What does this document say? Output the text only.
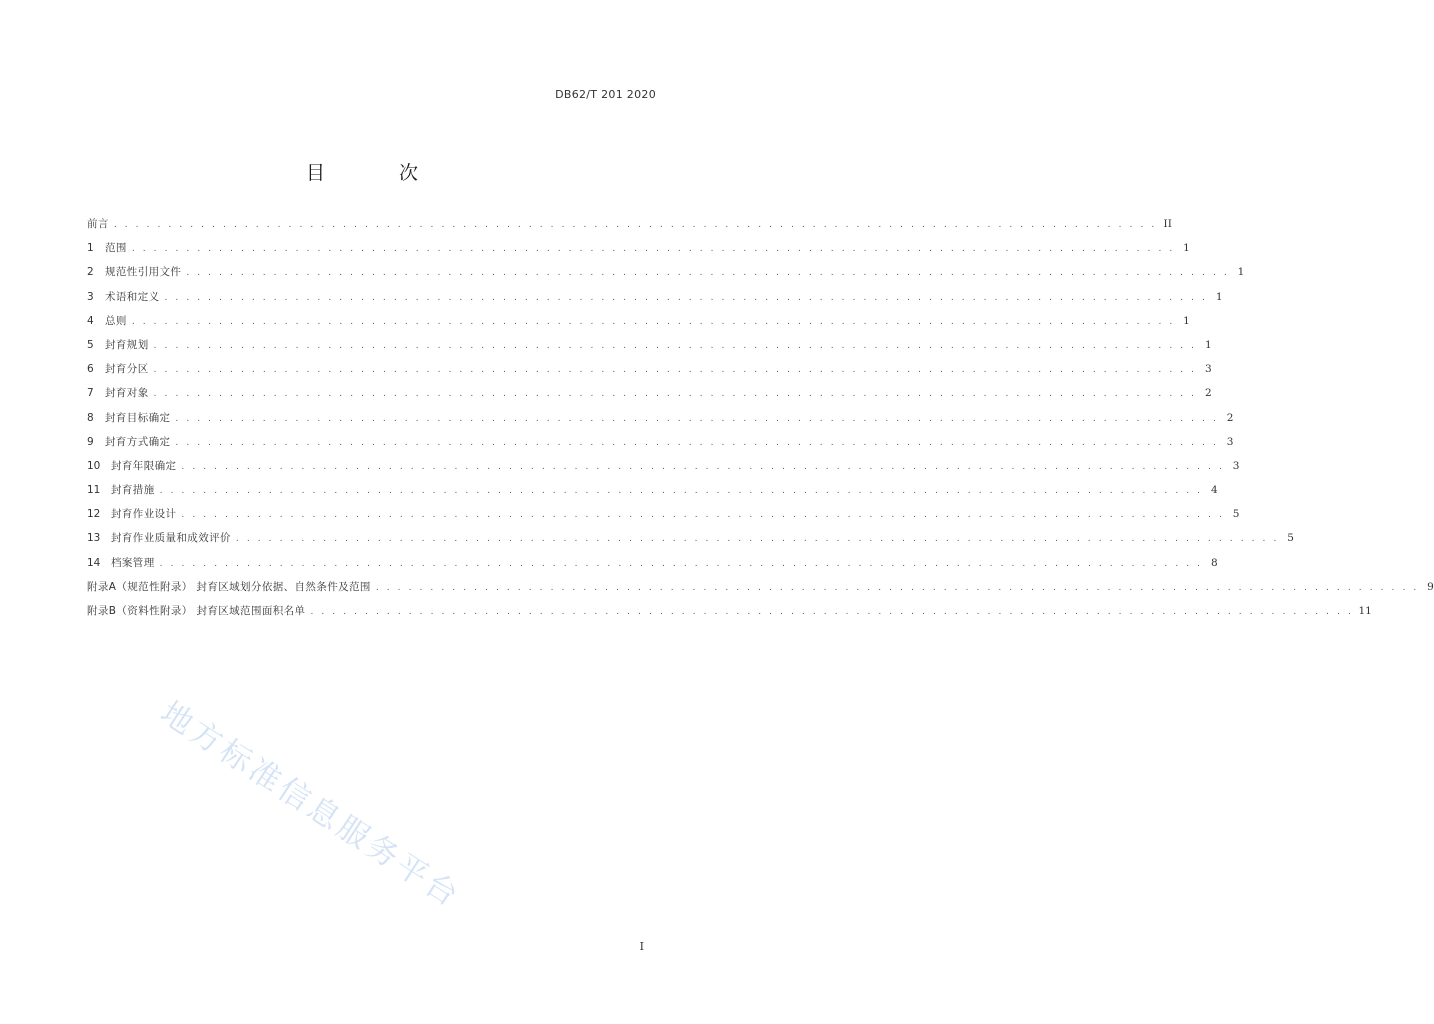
DB62/T 201 2020
目 次
前言 . . . . . . . . . . . . . . . . . . . . . . . . . . . . . . . . . . . . . . . . . . . . . . . . . . . . . . . . . . . . . . . . . . . . . . . . . . . . . . . . . . . . . . . . . . . . . . . . II
1	范围 . . . . . . . . . . . . . . . . . . . . . . . . . . . . . . . . . . . . . . . . . . . . . . . . . . . . . . . . . . . . . . . . . . . . . . . . . . . . . . . . . . . . . . . . . . . . . . . . 1
2	规范性引用文件 . . . . . . . . . . . . . . . . . . . . . . . . . . . . . . . . . . . . . . . . . . . . . . . . . . . . . . . . . . . . . . . . . . . . . . . . . . . . . . . . . . . . . . . . . . . . . . . . 1
3	术语和定义 . . . . . . . . . . . . . . . . . . . . . . . . . . . . . . . . . . . . . . . . . . . . . . . . . . . . . . . . . . . . . . . . . . . . . . . . . . . . . . . . . . . . . . . . . . . . . . . . 1
4	总则 . . . . . . . . . . . . . . . . . . . . . . . . . . . . . . . . . . . . . . . . . . . . . . . . . . . . . . . . . . . . . . . . . . . . . . . . . . . . . . . . . . . . . . . . . . . . . . . . 1
5	封育规划 . . . . . . . . . . . . . . . . . . . . . . . . . . . . . . . . . . . . . . . . . . . . . . . . . . . . . . . . . . . . . . . . . . . . . . . . . . . . . . . . . . . . . . . . . . . . . . . . 1
6	封育分区 . . . . . . . . . . . . . . . . . . . . . . . . . . . . . . . . . . . . . . . . . . . . . . . . . . . . . . . . . . . . . . . . . . . . . . . . . . . . . . . . . . . . . . . . . . . . . . . . 3
7	封育对象 . . . . . . . . . . . . . . . . . . . . . . . . . . . . . . . . . . . . . . . . . . . . . . . . . . . . . . . . . . . . . . . . . . . . . . . . . . . . . . . . . . . . . . . . . . . . . . . . 2
8	封育目标确定 . . . . . . . . . . . . . . . . . . . . . . . . . . . . . . . . . . . . . . . . . . . . . . . . . . . . . . . . . . . . . . . . . . . . . . . . . . . . . . . . . . . . . . . . . . . . . . . . 2
9	封育方式确定 . . . . . . . . . . . . . . . . . . . . . . . . . . . . . . . . . . . . . . . . . . . . . . . . . . . . . . . . . . . . . . . . . . . . . . . . . . . . . . . . . . . . . . . . . . . . . . . . 3
10	封育年限确定 . . . . . . . . . . . . . . . . . . . . . . . . . . . . . . . . . . . . . . . . . . . . . . . . . . . . . . . . . . . . . . . . . . . . . . . . . . . . . . . . . . . . . . . . . . . . . . . . 3
11	封育措施 . . . . . . . . . . . . . . . . . . . . . . . . . . . . . . . . . . . . . . . . . . . . . . . . . . . . . . . . . . . . . . . . . . . . . . . . . . . . . . . . . . . . . . . . . . . . . . . . 4
12	封育作业设计 . . . . . . . . . . . . . . . . . . . . . . . . . . . . . . . . . . . . . . . . . . . . . . . . . . . . . . . . . . . . . . . . . . . . . . . . . . . . . . . . . . . . . . . . . . . . . . . . 5
13	封育作业质量和成效评价 . . . . . . . . . . . . . . . . . . . . . . . . . . . . . . . . . . . . . . . . . . . . . . . . . . . . . . . . . . . . . . . . . . . . . . . . . . . . . . . . . . . . . . . . . . . . . . . . 5
14	档案管理 . . . . . . . . . . . . . . . . . . . . . . . . . . . . . . . . . . . . . . . . . . . . . . . . . . . . . . . . . . . . . . . . . . . . . . . . . . . . . . . . . . . . . . . . . . . . . . . . 8
附录A（规范性附录） 封育区域划分依据、自然条件及范围 . . . . . . . . . . . . . . . . . . . . . . . . . . . . . . . . . . . . . . . . . . . . . . . . . . . . . . . . . . . . . . . . . . . . . . . . . . . . . . . . . . . . . . . . . . . . . . . . 9
附录B（资料性附录） 封育区域范围面积名单 . . . . . . . . . . . . . . . . . . . . . . . . . . . . . . . . . . . . . . . . . . . . . . . . . . . . . . . . . . . . . . . . . . . . . . . . . . . . . . . . . . . . . . . . . . . . . . . . 11
地方标准信息服务平台
I
